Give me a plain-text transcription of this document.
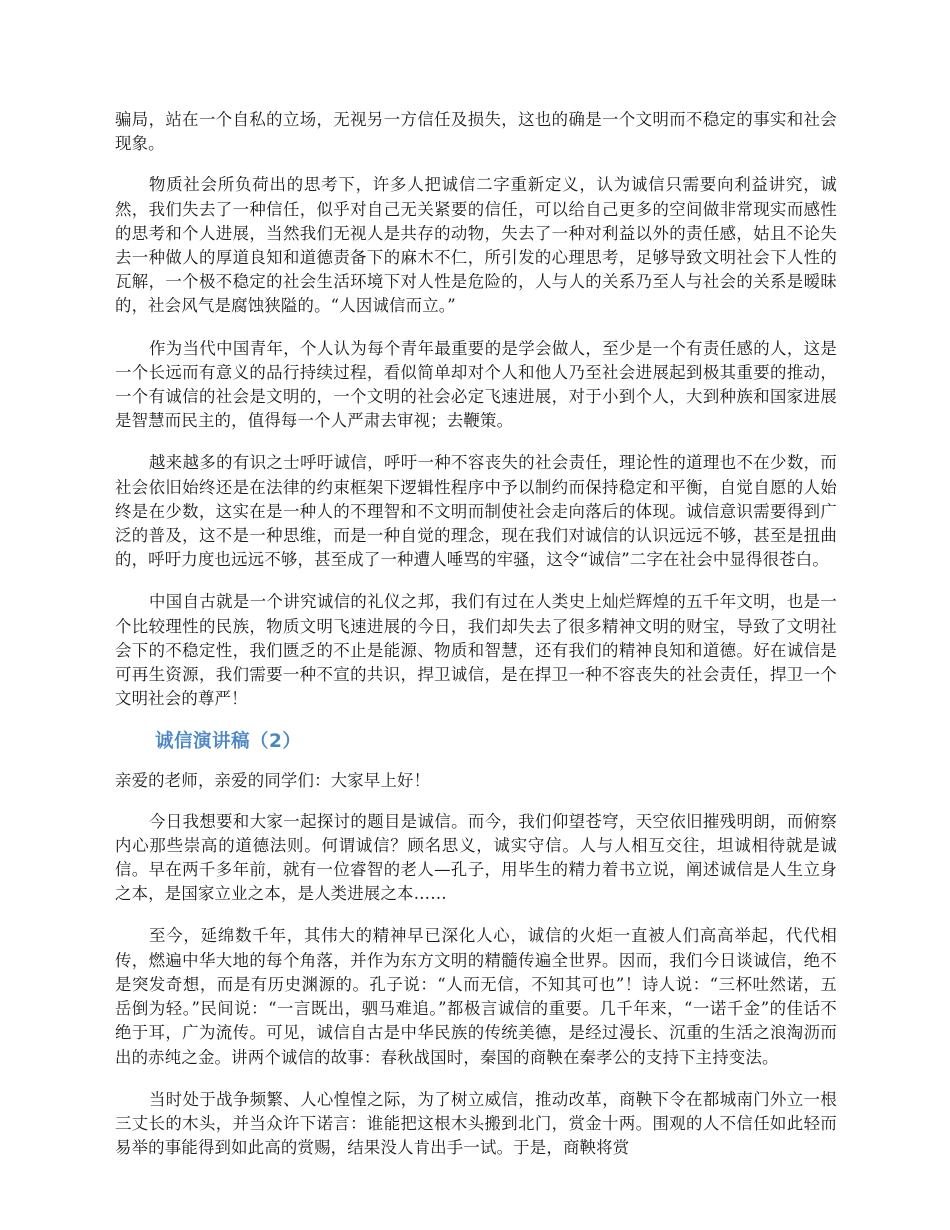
骗局，站在一个自私的立场，无视另一方信任及损失，这也的确是一个文明而不稳定的事实和社会现象。

物质社会所负荷出的思考下，许多人把诚信二字重新定义，认为诚信只需要向利益讲究，诚然，我们失去了一种信任，似乎对自己无关紧要的信任，可以给自己更多的空间做非常现实而感性的思考和个人进展，当然我们无视人是共存的动物，失去了一种对利益以外的责任感，姑且不论失去一种做人的厚道良知和道德责备下的麻木不仁，所引发的心理思考，足够导致文明社会下人性的瓦解，一个极不稳定的社会生活环境下对人性是危险的，人与人的关系乃至人与社会的关系是暧昧的，社会风气是腐蚀狭隘的。“人因诚信而立。”

作为当代中国青年，个人认为每个青年最重要的是学会做人，至少是一个有责任感的人，这是一个长远而有意义的品行持续过程，看似简单却对个人和他人乃至社会进展起到极其重要的推动，一个有诚信的社会是文明的，一个文明的社会必定飞速进展，对于小到个人，大到种族和国家进展是智慧而民主的，值得每一个人严肃去审视；去鞭策。

越来越多的有识之士呼吁诚信，呼吁一种不容丧失的社会责任，理论性的道理也不在少数，而社会依旧始终还是在法律的约束框架下逻辑性程序中予以制约而保持稳定和平衡，自觉自愿的人始终是在少数，这实在是一种人的不理智和不文明而制使社会走向落后的体现。诚信意识需要得到广泛的普及，这不是一种思维，而是一种自觉的理念，现在我们对诚信的认识远远不够，甚至是扭曲的，呼吁力度也远远不够，甚至成了一种遭人唾骂的牢骚，这令“诚信”二字在社会中显得很苍白。

中国自古就是一个讲究诚信的礼仪之邦，我们有过在人类史上灿烂辉煌的五千年文明，也是一个比较理性的民族，物质文明飞速进展的今日，我们却失去了很多精神文明的财宝，导致了文明社会下的不稳定性，我们匮乏的不止是能源、物质和智慧，还有我们的精神良知和道德。好在诚信是可再生资源，我们需要一种不宣的共识，捍卫诚信，是在捍卫一种不容丧失的社会责任，捍卫一个文明社会的尊严！

诚信演讲稿（2）

亲爱的老师，亲爱的同学们：大家早上好！

今日我想要和大家一起探讨的题目是诚信。而今，我们仰望苍穹，天空依旧摧残明朗，而俯察内心那些崇高的道德法则。何谓诚信？顾名思义，诚实守信。人与人相互交往，坦诚相待就是诚信。早在两千多年前，就有一位睿智的老人—孔子，用毕生的精力着书立说，阐述诚信是人生立身之本，是国家立业之本，是人类进展之本……

至今，延绵数千年，其伟大的精神早已深化人心，诚信的火炬一直被人们高高举起，代代相传，燃遍中华大地的每个角落，并作为东方文明的精髓传遍全世界。因而，我们今日谈诚信，绝不是突发奇想，而是有历史渊源的。孔子说：“人而无信，不知其可也”！诗人说：“三杯吐然诺，五岳倒为轻。”民间说：“一言既出，驷马难追。”都极言诚信的重要。几千年来，“一诺千金”的佳话不绝于耳，广为流传。可见，诚信自古是中华民族的传统美德，是经过漫长、沉重的生活之浪淘沥而出的赤纯之金。讲两个诚信的故事：春秋战国时，秦国的商鞅在秦孝公的支持下主持变法。

当时处于战争频繁、人心惶惶之际，为了树立威信，推动改革，商鞅下令在都城南门外立一根三丈长的木头，并当众许下诺言：谁能把这根木头搬到北门，赏金十两。围观的人不信任如此轻而易举的事能得到如此高的赏赐，结果没人肯出手一试。于是，商鞅将赏
